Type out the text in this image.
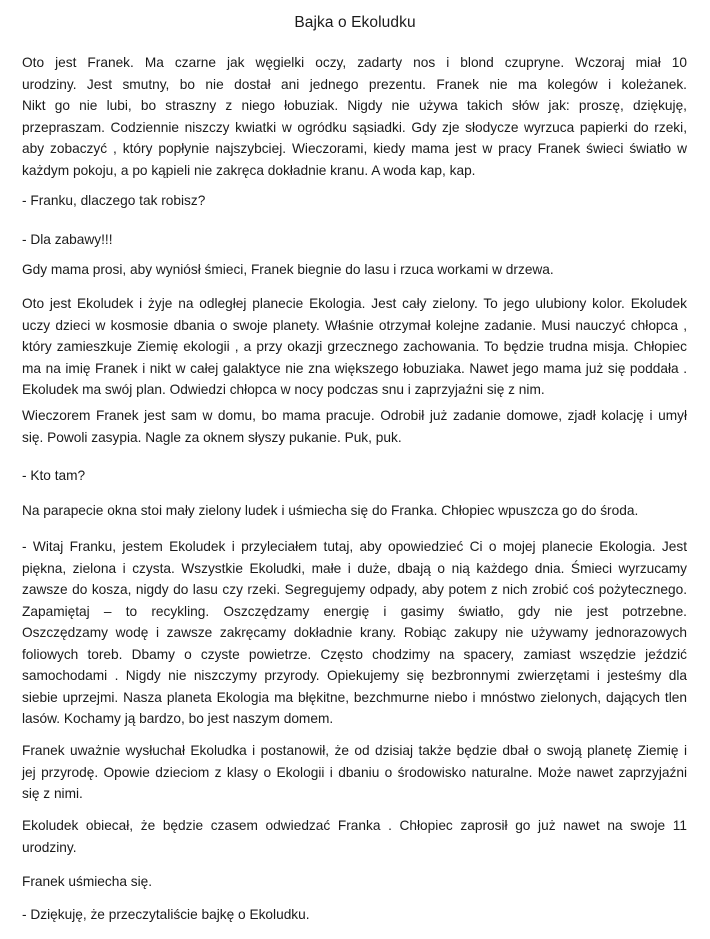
Bajka o Ekoludku
Oto jest Franek. Ma czarne jak węgielki oczy, zadarty nos i blond czupryne. Wczoraj miał 10
urodziny. Jest smutny, bo nie dostał ani jednego prezentu. Franek nie ma kolegów i koleżanek.
Nikt go nie lubi, bo straszny z niego łobuziak. Nigdy nie używa takich słów jak: proszę, dziękuję,
przepraszam. Codziennie niszczy kwiatki w ogródku sąsiadki. Gdy zje słodycze wyrzuca papierki do rzeki,
aby zobaczyć , który popłynie najszybciej. Wieczorami, kiedy mama jest w pracy Franek świeci światło w
każdym pokoju, a po kąpieli nie zakręca dokładnie kranu. A woda kap, kap.
- Franku, dlaczego tak robisz?
- Dla zabawy!!!
Gdy mama prosi, aby wyniósł śmieci, Franek biegnie do lasu i rzuca workami w drzewa.
Oto jest Ekoludek i żyje na odległej planecie Ekologia. Jest cały zielony. To jego ulubiony kolor. Ekoludek
uczy dzieci w kosmosie dbania o swoje planety. Właśnie otrzymał kolejne zadanie. Musi nauczyć chłopca ,
który zamieszkuje Ziemię ekologii , a przy okazji grzecznego zachowania. To będzie trudna misja. Chłopiec
ma na imię Franek i nikt w całej galaktyce nie zna większego łobuziaka. Nawet jego mama już się poddała .
Ekoludek ma swój plan. Odwiedzi chłopca w nocy podczas snu i zaprzyjaźni się z nim.
Wieczorem Franek jest sam w domu, bo mama pracuje. Odrobił już zadanie domowe, zjadł kolację i umył
się. Powoli zasypia. Nagle za oknem słyszy pukanie. Puk, puk.
- Kto tam?
Na parapecie okna stoi mały zielony ludek i uśmiecha się do Franka. Chłopiec wpuszcza go do środa.
- Witaj Franku, jestem Ekoludek i przyleciałem tutaj, aby opowiedzieć Ci o mojej planecie Ekologia. Jest
piękna, zielona i czysta. Wszystkie Ekoludki, małe i duże, dbają o nią każdego dnia. Śmieci wyrzucamy
zawsze do kosza, nigdy do lasu czy rzeki. Segregujemy odpady, aby potem z nich zrobić coś pożytecznego.
Zapamiętaj – to recykling. Oszczędzamy energię i gasimy światło, gdy nie jest potrzebne.
Oszczędzamy wodę i zawsze zakręcamy dokładnie krany. Robiąc zakupy nie używamy jednorazowych
foliowych toreb. Dbamy o czyste powietrze. Często chodzimy na spacery, zamiast wszędzie jeździć
samochodami . Nigdy nie niszczymy przyrody. Opiekujemy się bezbronnymi zwierzętami i jesteśmy dla
siebie uprzejmi. Nasza planeta Ekologia ma błękitne, bezchmurne niebo i mnóstwo zielonych, dających tlen
lasów. Kochamy ją bardzo, bo jest naszym domem.
Franek uważnie wysłuchał Ekoludka i postanowił, że od dzisiaj także będzie dbał o swoją planetę Ziemię i
jej przyrodę. Opowie dzieciom z klasy o Ekologii i dbaniu o środowisko naturalne. Może nawet zaprzyjaźni
się z nimi.
Ekoludek obiecał, że będzie czasem odwiedzać Franka . Chłopiec zaprosił go już nawet na swoje 11
urodziny.
Franek uśmiecha się.
- Dziękuję, że przeczytaliście bajkę o Ekoludku.
